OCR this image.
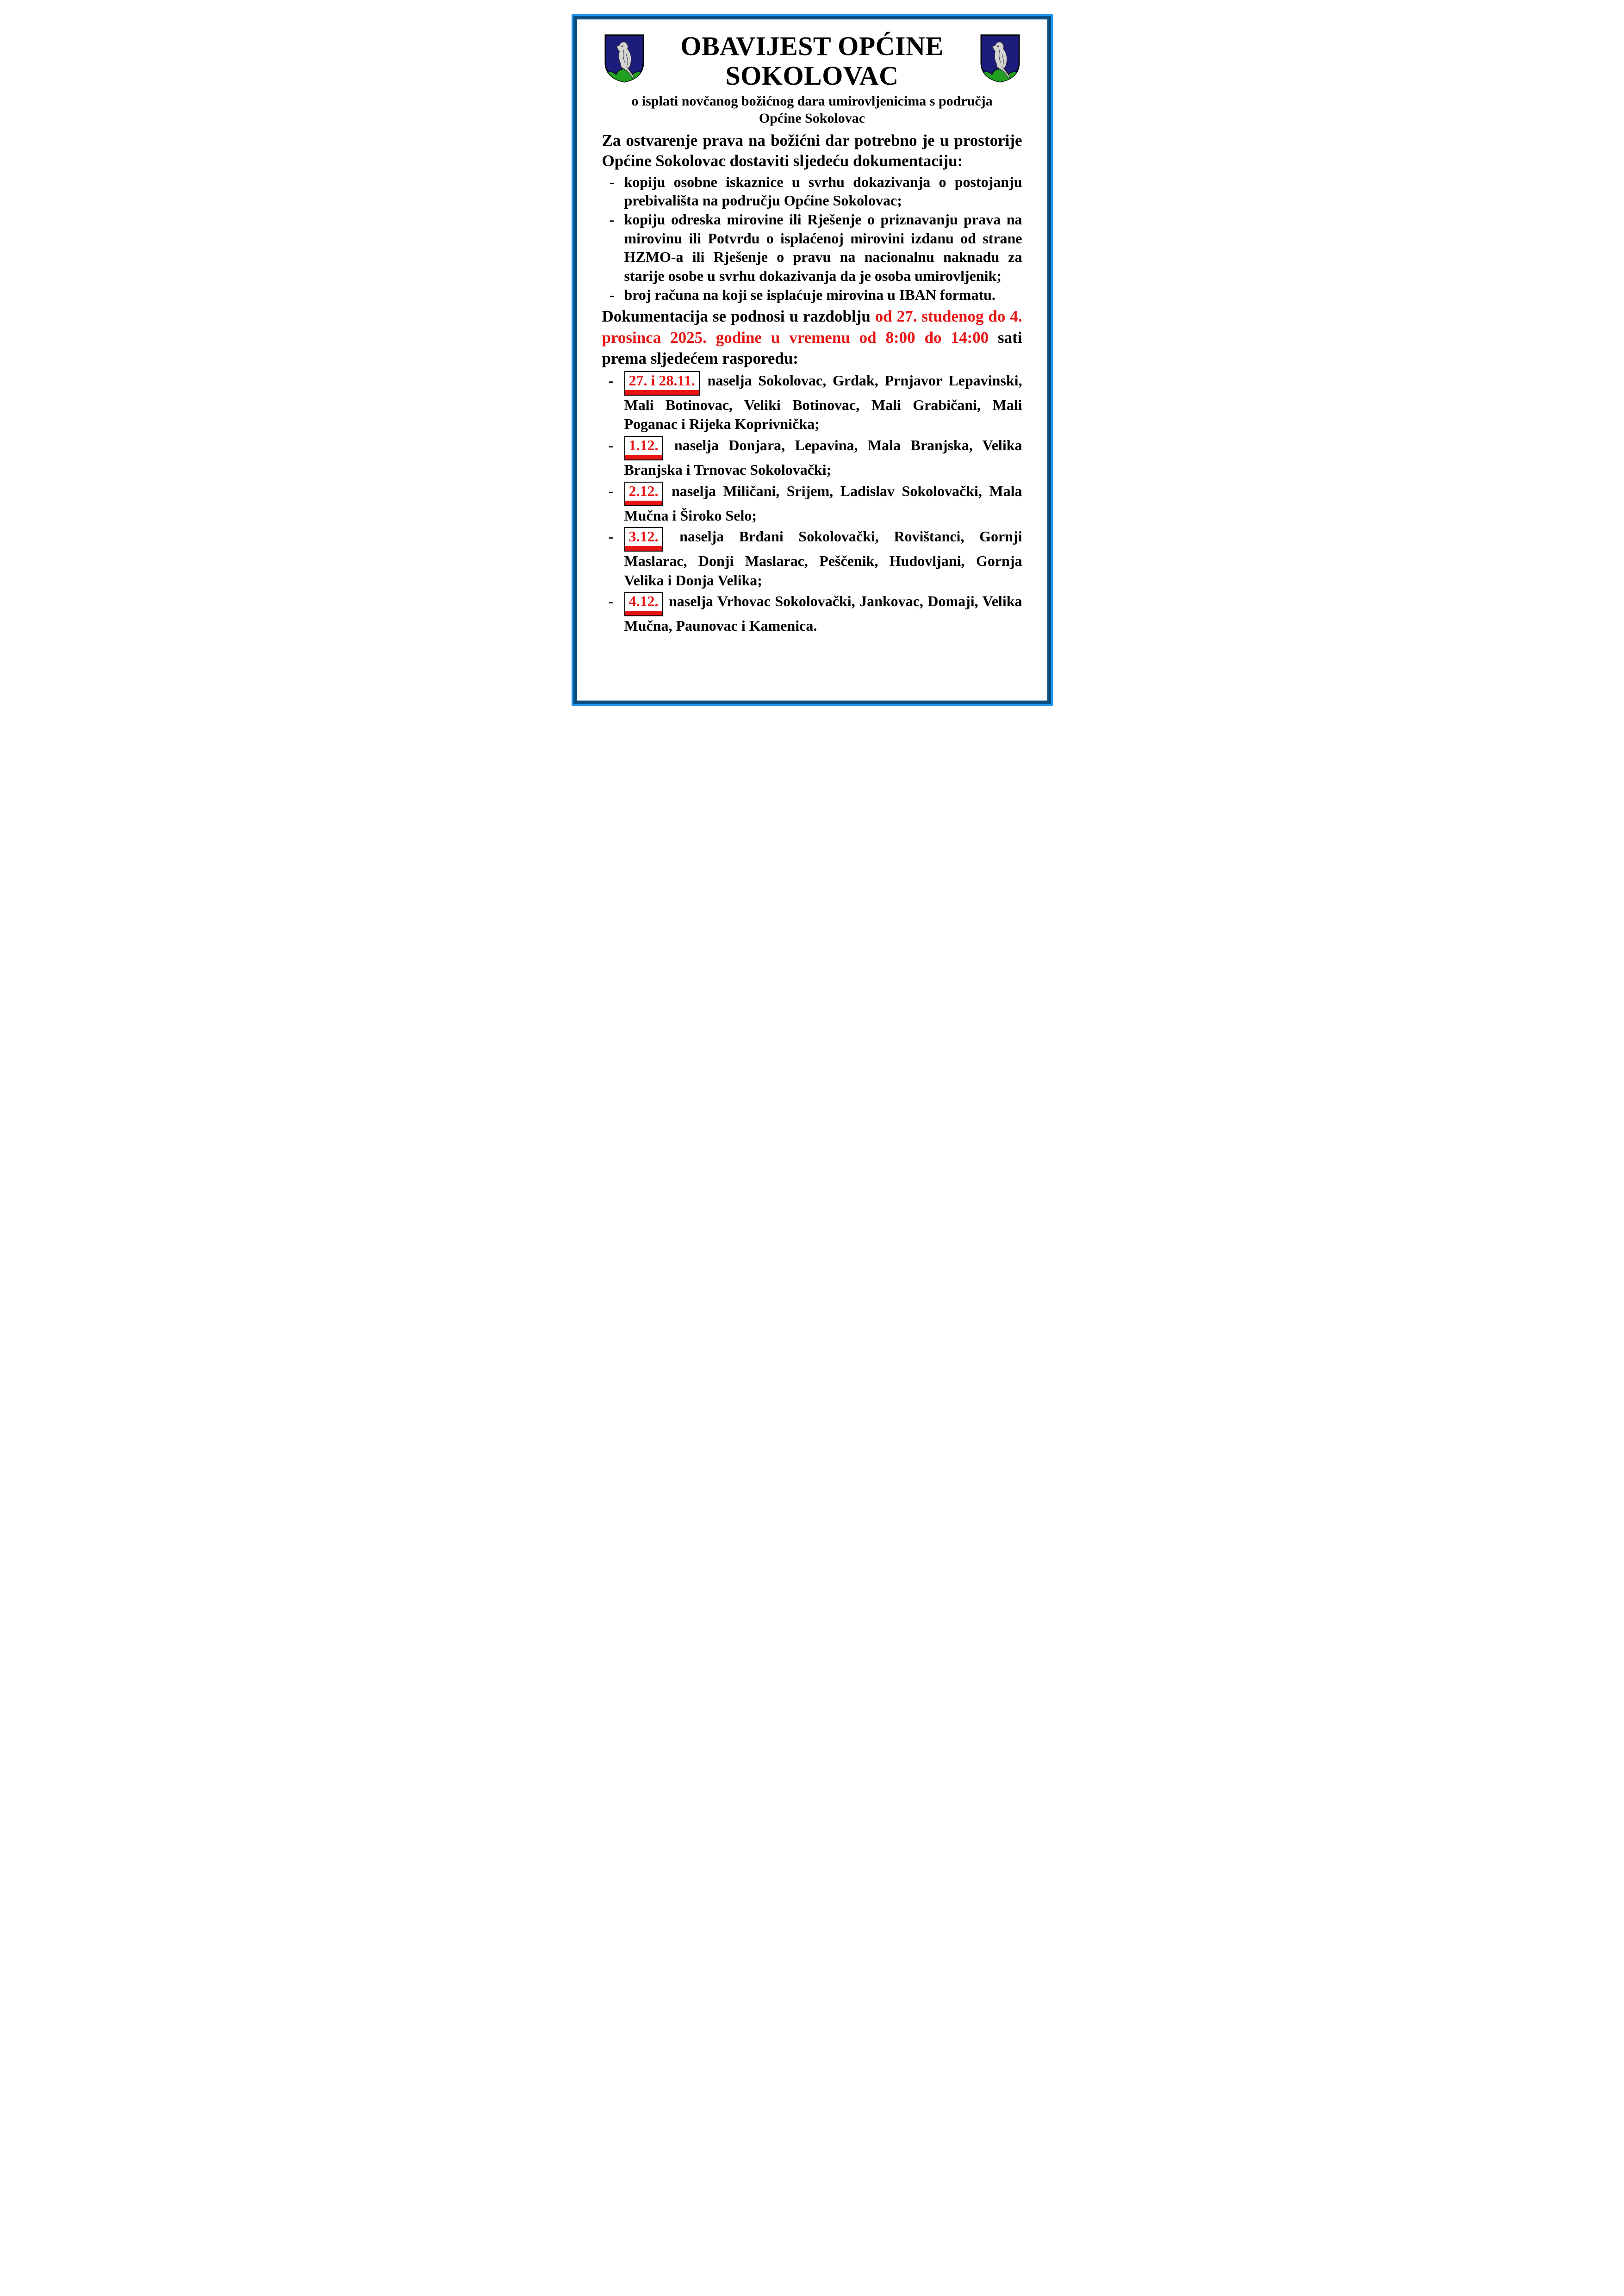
OBAVIJEST OPĆINE SOKOLOVAC

o isplati novčanog božićnog dara umirovljenicima s područja
Općine Sokolovac

Za ostvarenje prava na božićni dar potrebno je u prostorije Općine Sokolovac dostaviti sljedeću dokumentaciju:

- kopiju osobne iskaznice u svrhu dokazivanja o postojanju prebivališta na području Općine Sokolovac;
- kopiju odreska mirovine ili Rješenje o priznavanju prava na mirovinu ili Potvrdu o isplaćenoj mirovini izdanu od strane HZMO-a ili Rješenje o pravu na nacionalnu naknadu za starije osobe u svrhu dokazivanja da je osoba umirovljenik;
- broj računa na koji se isplaćuje mirovina u IBAN formatu.

Dokumentacija se podnosi u razdoblju od 27. studenog do 4. prosinca 2025. godine u vremenu od 8:00 do 14:00 sati prema sljedećem rasporedu:

- 27. i 28.11. naselja Sokolovac, Grdak, Prnjavor Lepavinski, Mali Botinovac, Veliki Botinovac, Mali Grabičani, Mali Poganac i Rijeka Koprivnička;
- 1.12. naselja Donjara, Lepavina, Mala Branjska, Velika Branjska i Trnovac Sokolovački;
- 2.12. naselja Miličani, Srijem, Ladislav Sokolovački, Mala Mučna i Široko Selo;
- 3.12. naselja Brđani Sokolovački, Rovištanci, Gornji Maslarac, Donji Maslarac, Peščenik, Hudovljani, Gornja Velika i Donja Velika;
- 4.12. naselja Vrhovac Sokolovački, Jankovac, Domaji, Velika Mučna, Paunovac i Kamenica.
